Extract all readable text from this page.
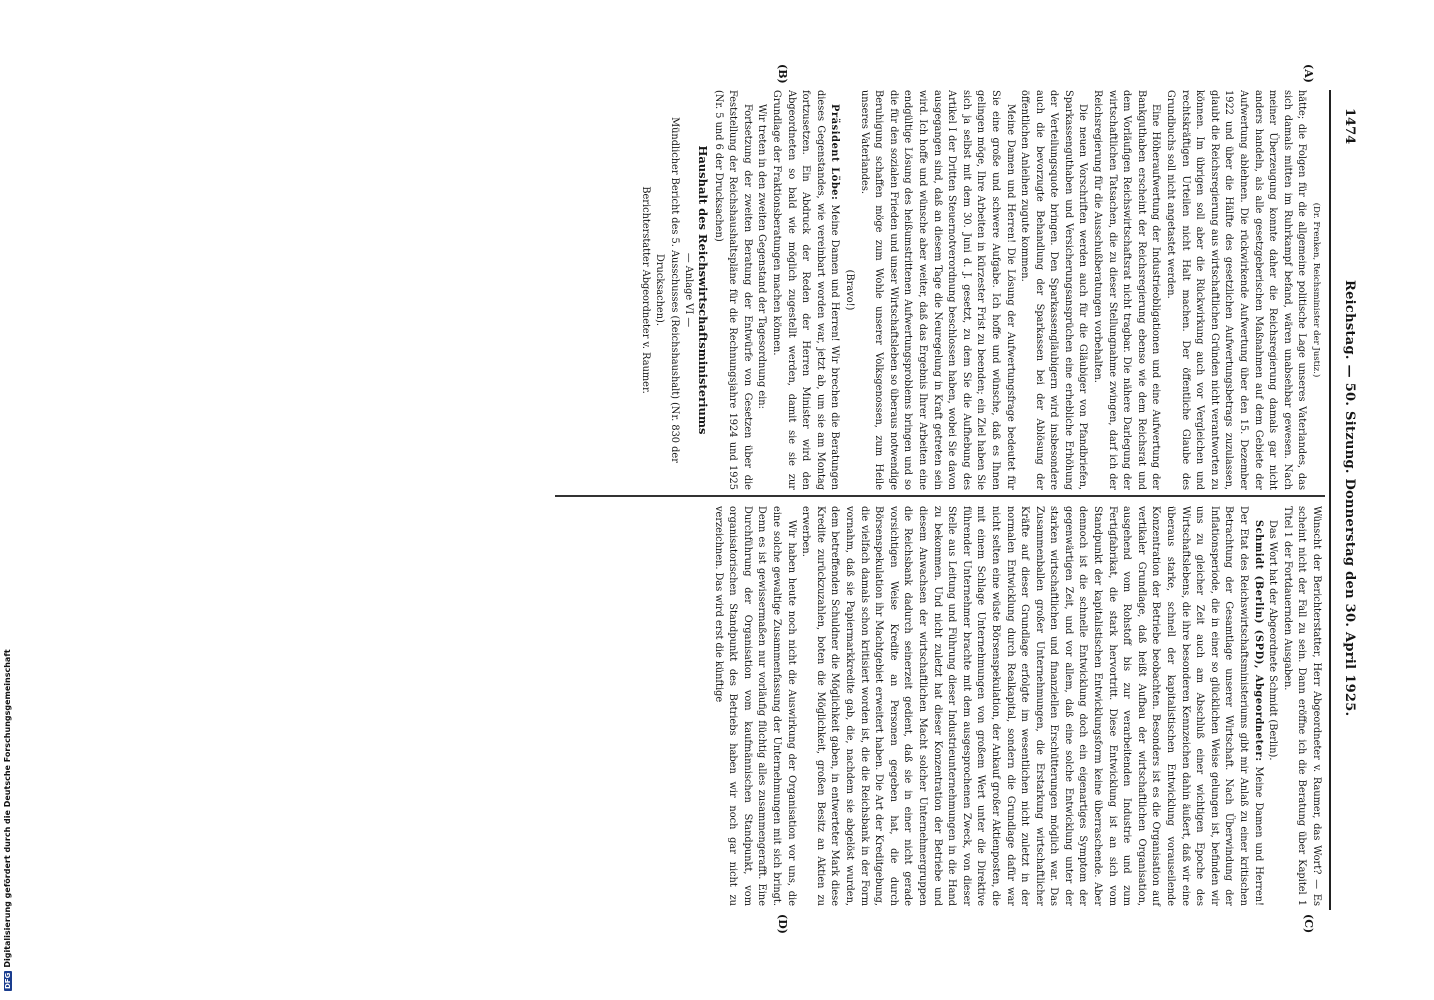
1474
Reichstag. — 50. Sitzung. Donnerstag den 30. April 1925.
(A)
(B)
(C)
(D)

(Dr. Frenken, Reichsminister der Justiz.)

hätte; die Folgen für die allgemeine politische Lage unseres Vaterlandes, das sich damals mitten im Ruhrkampf befand, wären unabsehbar gewesen. Nach meiner Überzeugung konnte daher die Reichsregierung damals gar nicht anders handeln, als alle gesetzgeberischen Maßnahmen auf dem Gebiete der Aufwertung ablehnen. Die rückwirkende Aufwertung über den 15. Dezember 1922 und über die Hälfte des gesetzlichen Aufwertungsbetrags zuzulassen, glaubt die Reichsregierung aus wirtschaftlichen Gründen nicht verantworten zu können. Im übrigen soll aber die Rückwirkung auch vor Vergleichen und rechtskräftigen Urteilen nicht Halt machen. Der öffentliche Glaube des Grundbuchs soll nicht angetastet werden.

Eine Höheraufwertung der Industrieobligationen und eine Aufwertung der Bankguthaben erscheint der Reichsregierung ebenso wie dem Reichsrat und dem Vorläufigen Reichswirtschaftsrat nicht tragbar. Die nähere Darlegung der wirtschaftlichen Tatsachen, die zu dieser Stellungnahme zwingen, darf ich der Reichsregierung für die Ausschußberatungen vorbehalten.

Die neuen Vorschriften werden auch für die Gläubiger von Pfandbriefen, Sparkassenguthaben und Versicherungsansprüchen eine erhebliche Erhöhung der Verteilungsquote bringen. Den Sparkassengläubigern wird insbesondere auch die bevorzugte Behandlung der Sparkassen bei der Ablösung der öffentlichen Anleihen zugute kommen.

Meine Damen und Herren! Die Lösung der Aufwertungsfrage bedeutet für Sie eine große und schwere Aufgabe. Ich hoffe und wünsche, daß es Ihnen gelingen möge, Ihre Arbeiten in kürzester Frist zu beenden; ein Ziel haben Sie sich ja selbst mit dem 30. Juni d. J. gesetzt, zu dem Sie die Aufhebung des Artikel I der Dritten Steuernotverordnung beschlossen haben, wobei Sie davon ausgegangen sind, daß an diesem Tage die Neuregelung in Kraft getreten sein wird. Ich hoffe und wünsche aber weiter, daß das Ergebnis Ihrer Arbeiten eine endgültige Lösung des heißumstrittenen Aufwertungsproblems bringen und so die für den sozialen Frieden und unser Wirtschaftsleben so überaus notwendige Beruhigung schaffen möge zum Wohle unserer Volksgenossen, zum Heile unseres Vaterlandes.

(Bravo!)

Präsident Löbe: Meine Damen und Herren! Wir brechen die Beratungen dieses Gegenstandes, wie vereinbart worden war, jetzt ab, um sie am Montag fortzusetzen. Ein Abdruck der Reden der Herren Minister wird den Abgeordneten so bald wie möglich zugestellt werden, damit sie sie zur Grundlage der Fraktionsberatungen machen können.

Wir treten in den zweiten Gegenstand der Tagesordnung ein:

Fortsetzung der zweiten Beratung der Entwürfe von Gesetzen über die Feststellung der Reichshaushaltspläne für die Rechnungsjahre 1924 und 1925 (Nr. 5 und 6 der Drucksachen)

Haushalt des Reichswirtschaftsministeriums

— Anlage VI —

Mündlicher Bericht des 5. Ausschusses (Reichshaushalt) (Nr. 830 der Drucksachen).

Berichterstatter Abgeordneter v. Raumer.

Wünscht der Berichterstatter, Herr Abgeordneter v. Raumer, das Wort? — Es scheint nicht der Fall zu sein. Dann eröffne ich die Beratung über Kapitel 1 Titel 1 der Fortdauernden Ausgaben.

Das Wort hat der Abgeordnete Schmidt (Berlin).

Schmidt (Berlin) (SPD), Abgeordneter: Meine Damen und Herren! Der Etat des Reichswirtschaftsministeriums gibt mir Anlaß zu einer kritischen Betrachtung der Gesamtlage unserer Wirtschaft. Nach Überwindung der Inflationsperiode, die in einer so glücklichen Weise gelungen ist, befinden wir uns zu gleicher Zeit auch am Abschluß einer wichtigen Epoche des Wirtschaftslebens, die ihre besonderen Kennzeichen dahin äußert, daß wir eine überaus starke, schnell der kapitalistischen Entwicklung vorauseilende Konzentration der Betriebe beobachten. Besonders ist es die Organisation auf vertikaler Grundlage, daß heißt Aufbau der wirtschaftlichen Organisation, ausgehend vom Rohstoff bis zur verarbeitenden Industrie und zum Fertigfabrikat, die stark hervortritt. Diese Entwicklung ist an sich vom Standpunkt der kapitalistischen Entwicklungsform keine überraschende. Aber dennoch ist die schnelle Entwicklung doch ein eigenartiges Symptom der gegenwärtigen Zeit, und vor allem, daß eine solche Entwicklung unter der starken wirtschaftlichen und finanziellen Erschütterungen möglich war. Das Zusammenballen großer Unternehmungen, die Erstarkung wirtschaftlicher Kräfte auf dieser Grundlage erfolgte im wesentlichen nicht zuletzt in der normalen Entwicklung durch Realkapital, sondern die Grundlage dafür war nicht selten eine wüste Börsenspekulation, der Ankauf großer Aktienposten, die mit einem Schlage Unternehmungen von großem Wert unter die Direktive führender Unternehmer brachte mit dem ausgesprochenen Zweck, von dieser Stelle aus Leitung und Führung dieser Industrieunternehmungen in die Hand zu bekommen. Und nicht zuletzt hat dieser Konzentration der Betriebe und diesem Anwachsen der wirtschaftlichen Macht solcher Unternehmergruppen die Reichsbank dadurch seinerzeit gedient, daß sie in einer nicht gerade vorsichtigen Weise Kredite an Personen gegeben hat, die durch Börsenspekulation ihr Machtgebiet erweitert haben. Die Art der Kreditgebung, die vielfach damals schon kritisiert worden ist, die die Reichsbank in der Form vornahm, daß sie Papiermarkkredite gab, die, nachdem sie abgelöst wurden, dem betreffenden Schuldner die Möglichkeit gaben, in entwerteter Mark diese Kredite zurückzuzahlen, boten die Möglichkeit, großen Besitz an Aktien zu erwerben.

Wir haben heute noch nicht die Auswirkung der Organisation vor uns, die eine solche gewaltige Zusammenfassung der Unternehmungen mit sich bringt. Denn es ist gewissermaßen nur vorläufig flüchtig alles zusammengerafft. Eine Durchführung der Organisation vom kaufmännischen Standpunkt, vom organisatorischen Standpunkt des Betriebs haben wir noch gar nicht zu verzeichnen. Das wird erst die künftige

DFGDigitalisierung gefördert durch die Deutsche Forschungsgemeinschaft
